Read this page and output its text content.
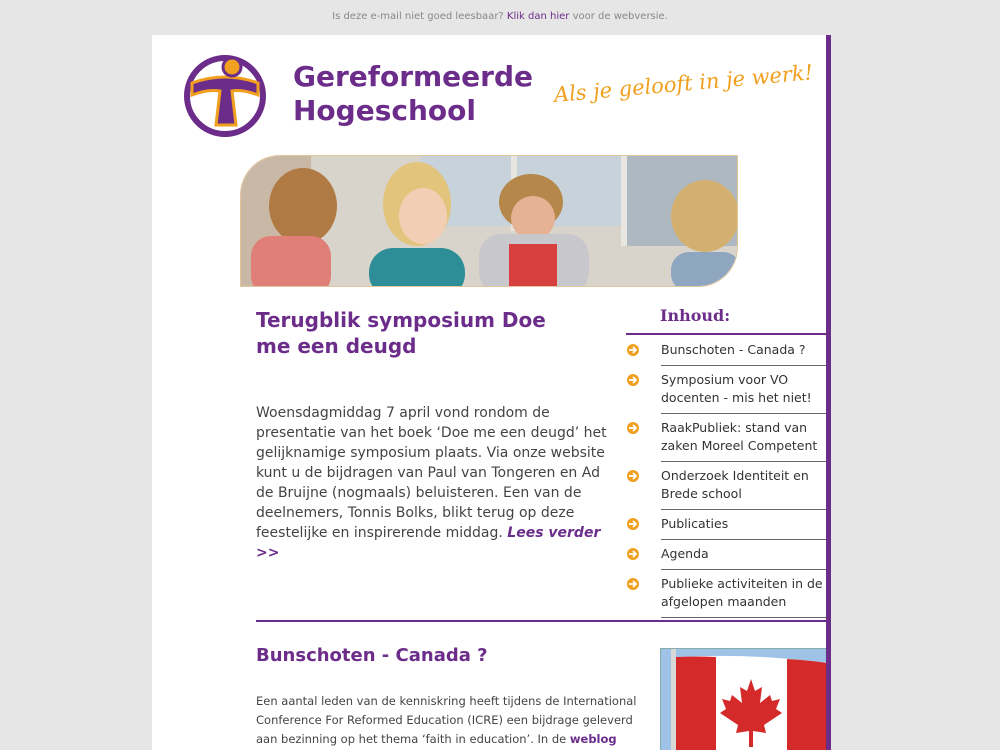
Is deze e-mail niet goed leesbaar? Klik dan hier voor de webversie.
Gereformeerde
Hogeschool
Als je gelooft in je werk!
Terugblik symposium Doe me een deugd
Woensdagmiddag 7 april vond rondom de presentatie van het boek ‘Doe me een deugd’ het gelijknamige symposium plaats. Via onze website kunt u de bijdragen van Paul van Tongeren en Ad de Bruijne (nogmaals) beluisteren. Een van de deelnemers, Tonnis Bolks, blikt terug op deze feestelijke en inspirerende middag. Lees verder >>
Inhoud:
Bunschoten - Canada ?
Symposium voor VO docenten - mis het niet!
RaakPubliek: stand van zaken Moreel Competent
Onderzoek Identiteit en Brede school
Publicaties
Agenda
Publieke activiteiten in de afgelopen maanden
Bunschoten - Canada ?
Een aantal leden van de kenniskring heeft tijdens de International Conference For Reformed Education (ICRE) een bijdrage geleverd aan bezinning op het thema ‘faith in education’. In de weblog
